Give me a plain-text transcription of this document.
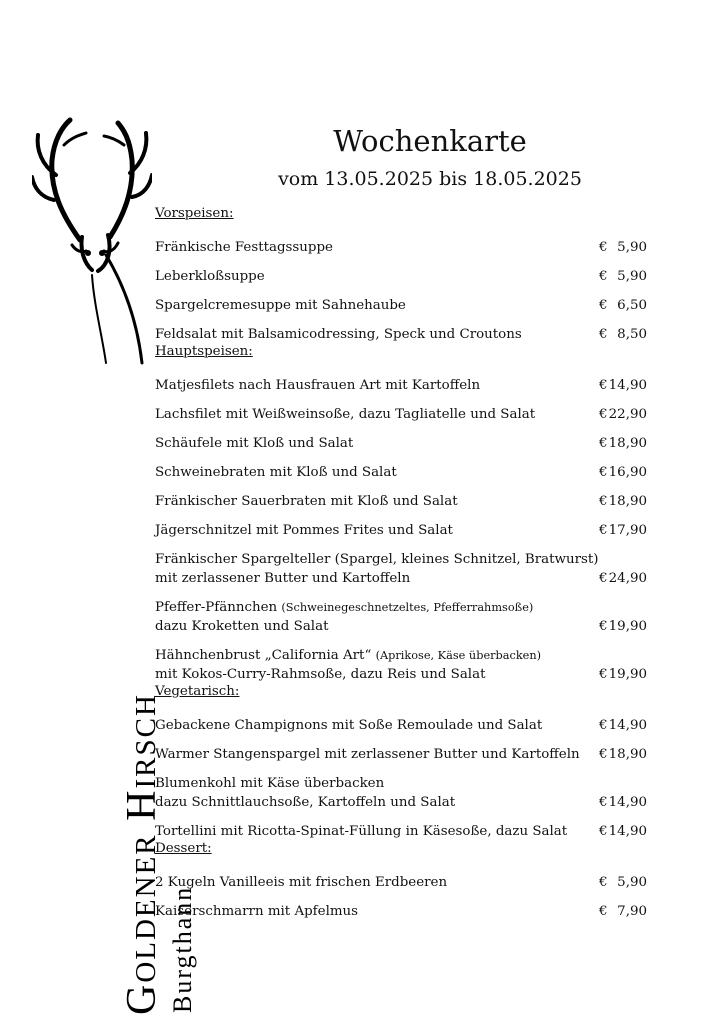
Goldener Hirsch Burgthann
Wochenkarte
vom 13.05.2025 bis 18.05.2025
Vorspeisen:
Fränkische Festtagssuppe	€ 5,90
Leberkloßsuppe	€ 5,90
Spargelcremesuppe mit Sahnehaube	€ 6,50
Feldsalat mit Balsamicodressing, Speck und Croutons	€ 8,50
Hauptspeisen:
Matjesfilets nach Hausfrauen Art mit Kartoffeln	€ 14,90
Lachsfilet mit Weißweinsoße, dazu Tagliatelle und Salat	€ 22,90
Schäufele mit Kloß und Salat	€ 18,90
Schweinebraten mit Kloß und Salat	€ 16,90
Fränkischer Sauerbraten mit Kloß und Salat	€ 18,90
Jägerschnitzel mit Pommes Frites und Salat	€ 17,90
Fränkischer Spargelteller (Spargel, kleines Schnitzel, Bratwurst)
mit zerlassener Butter und Kartoffeln	€ 24,90
Pfeffer-Pfännchen (Schweinegeschnetzeltes, Pfefferrahmsoße)
dazu Kroketten und Salat	€ 19,90
Hähnchenbrust „California Art“ (Aprikose, Käse überbacken)
mit Kokos-Curry-Rahmsoße, dazu Reis und Salat	€ 19,90
Vegetarisch:
Gebackene Champignons mit Soße Remoulade und Salat	€ 14,90
Warmer Stangenspargel mit zerlassener Butter und Kartoffeln € 18,90
Blumenkohl mit Käse überbacken
dazu Schnittlauchsoße, Kartoffeln und Salat	€ 14,90
Tortellini mit Ricotta-Spinat-Füllung in Käsesoße, dazu Salat € 14,90
Dessert:
2 Kugeln Vanilleeis mit frischen Erdbeeren	€ 5,90
Kaiserschmarrn mit Apfelmus	€ 7,90
